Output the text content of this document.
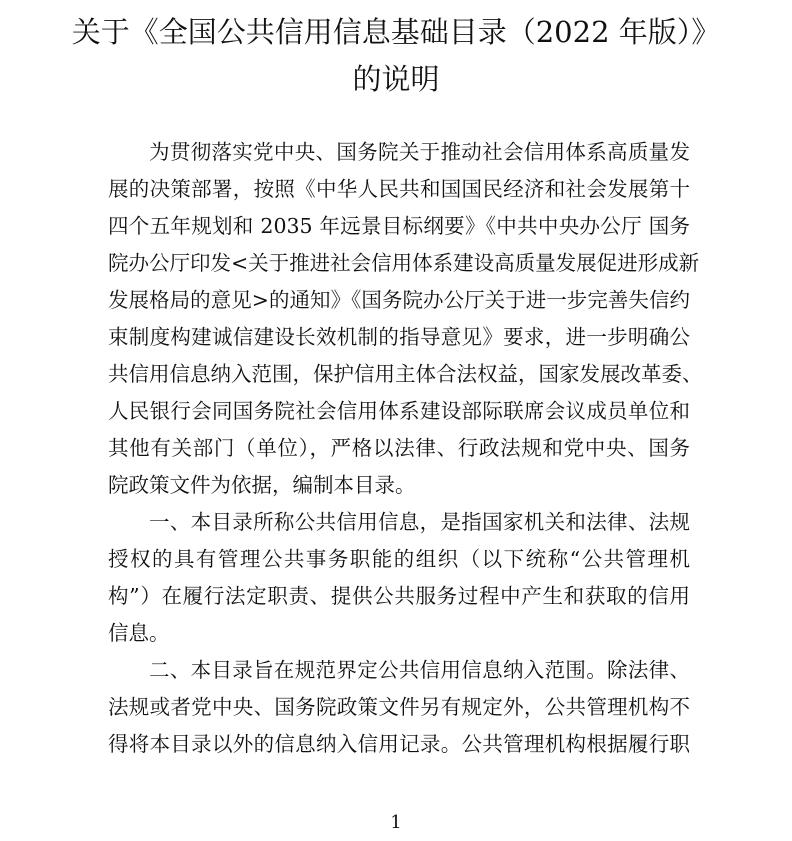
关于《全国公共信用信息基础目录（2022 年版）》
的说明
为贯彻落实党中央、国务院关于推动社会信用体系高质量发
展的决策部署，按照《中华人民共和国国民经济和社会发展第十
四个五年规划和 2035 年远景目标纲要》《中共中央办公厅 国务
院办公厅印发<关于推进社会信用体系建设高质量发展促进形成新
发展格局的意见>的通知》《国务院办公厅关于进一步完善失信约
束制度构建诚信建设长效机制的指导意见》要求，进一步明确公
共信用信息纳入范围，保护信用主体合法权益，国家发展改革委、
人民银行会同国务院社会信用体系建设部际联席会议成员单位和
其他有关部门（单位），严格以法律、行政法规和党中央、国务
院政策文件为依据，编制本目录。
一、本目录所称公共信用信息，是指国家机关和法律、法规
授权的具有管理公共事务职能的组织（以下统称“公共管理机
构”）在履行法定职责、提供公共服务过程中产生和获取的信用
信息。
二、本目录旨在规范界定公共信用信息纳入范围。除法律、
法规或者党中央、国务院政策文件另有规定外，公共管理机构不
得将本目录以外的信息纳入信用记录。公共管理机构根据履行职
1
